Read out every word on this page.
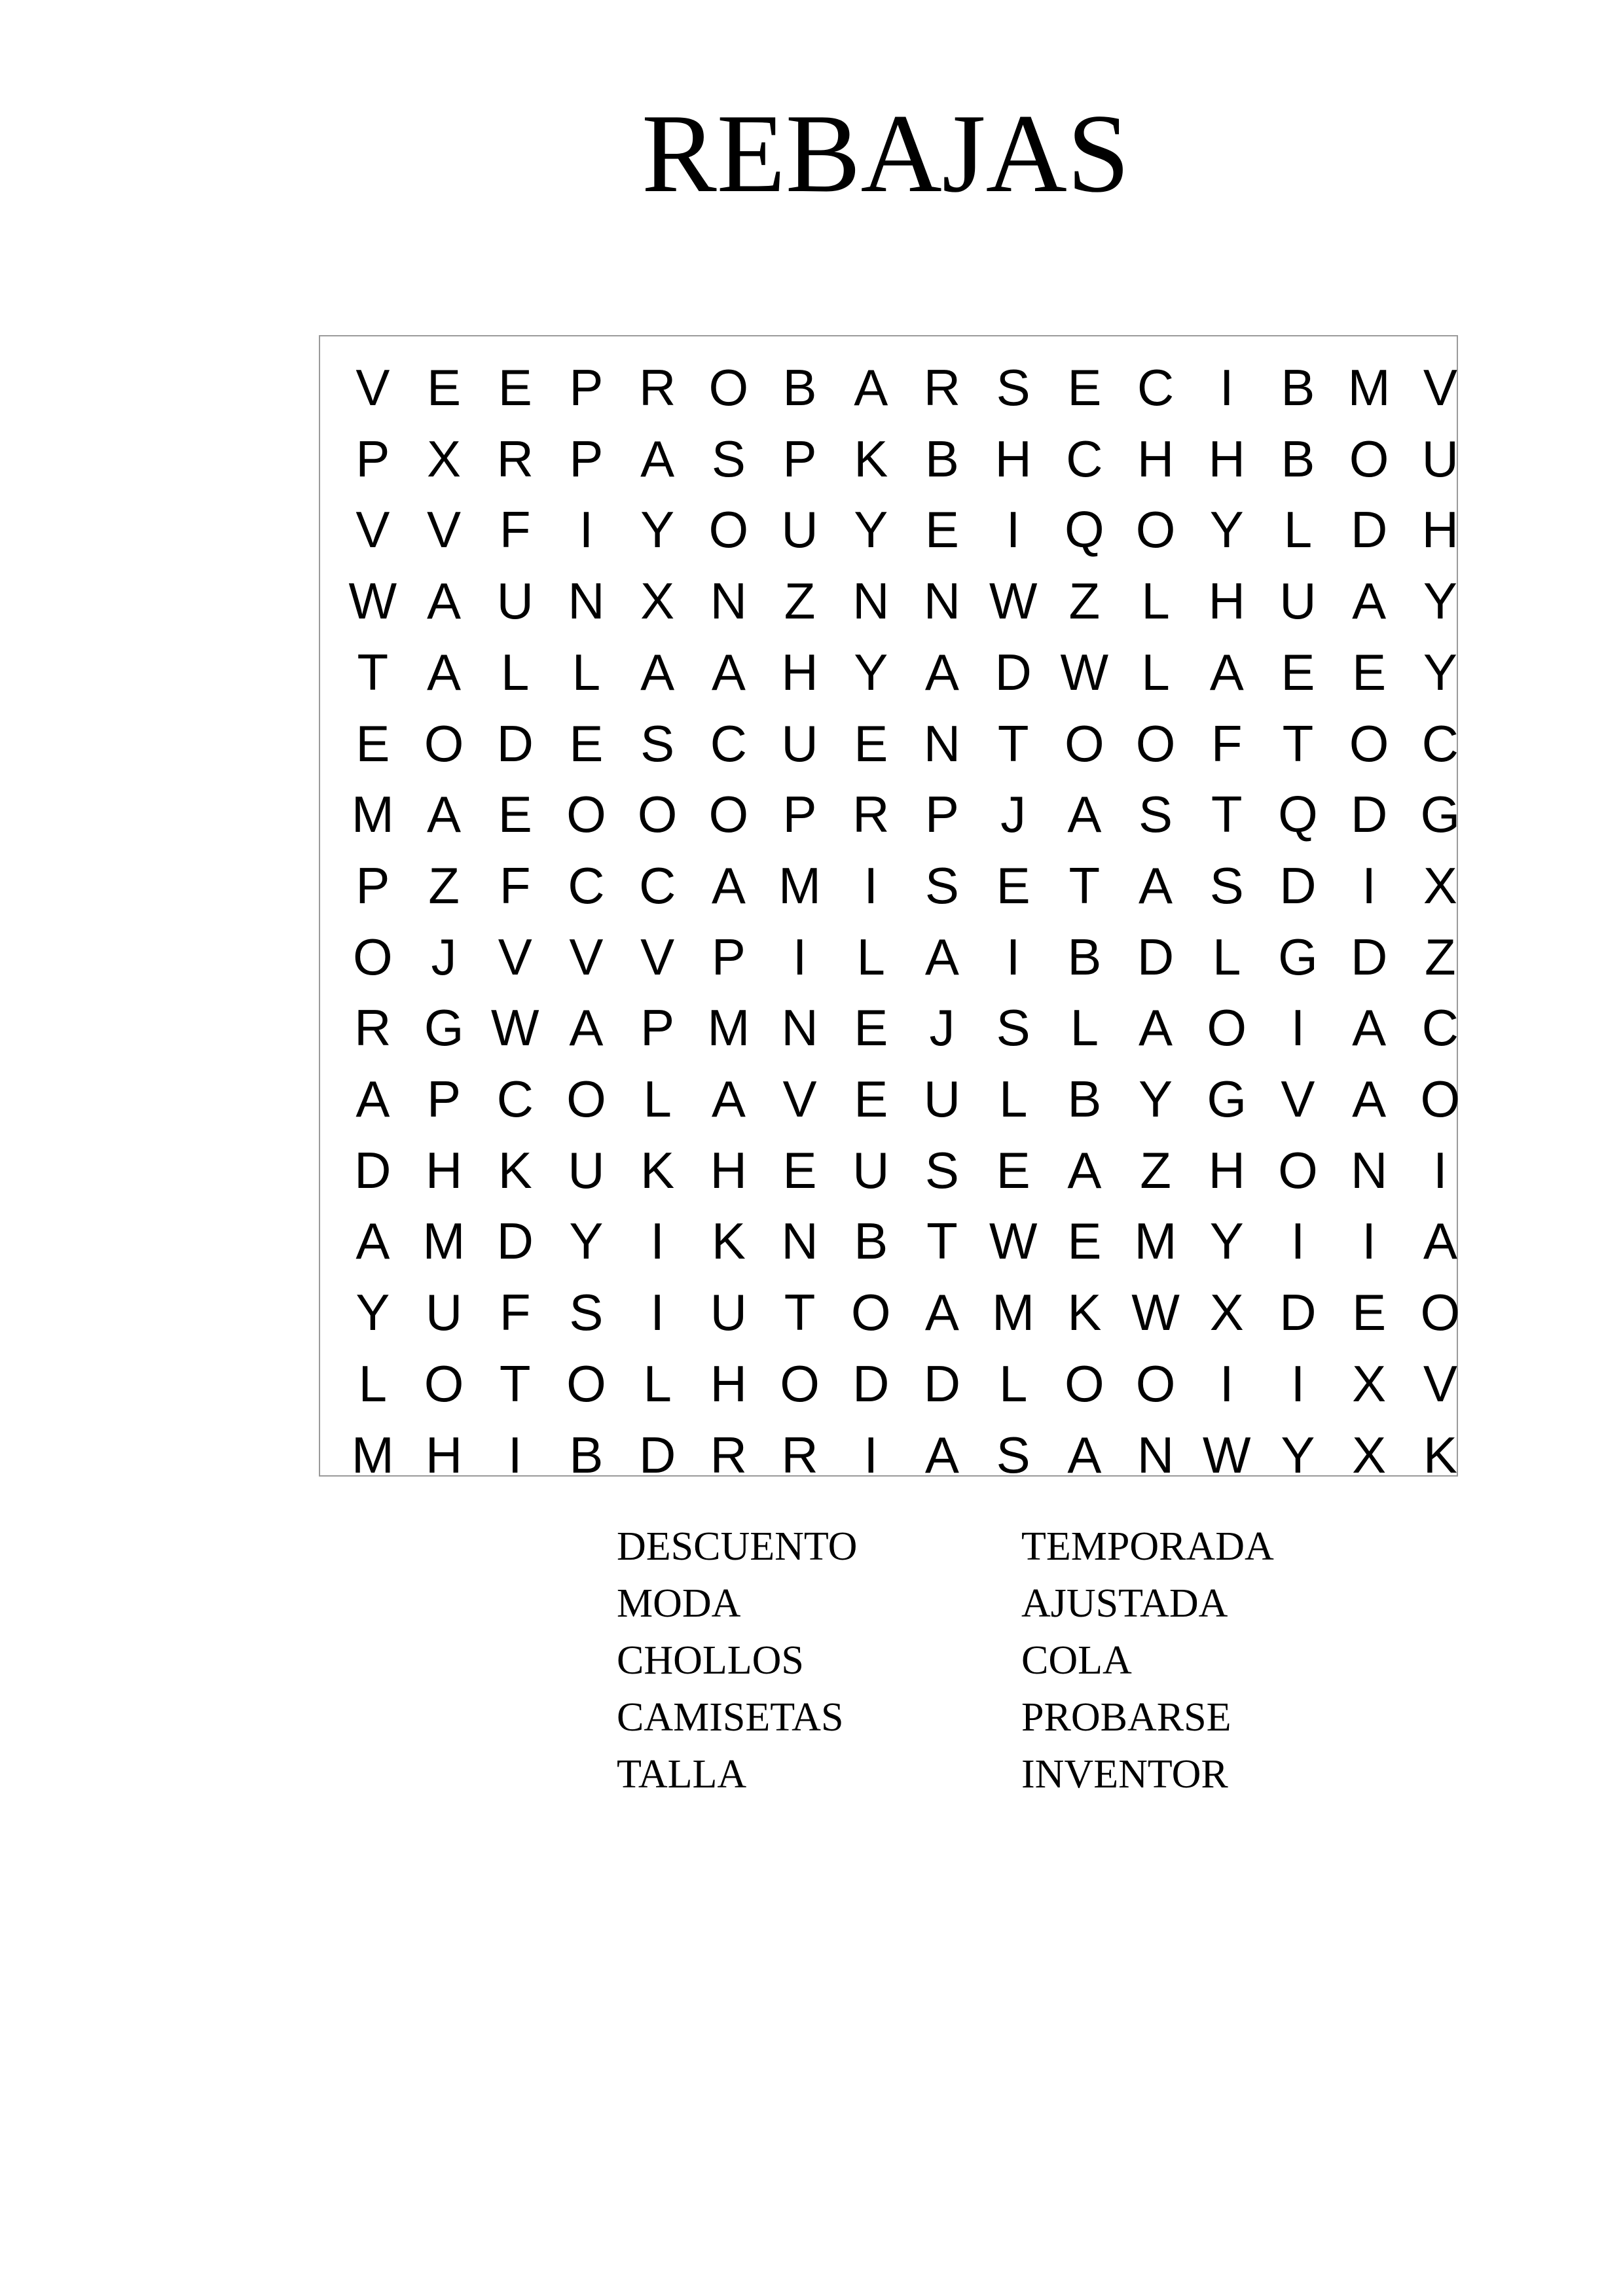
REBAJAS
V E E P R O B A R S E C I B M V
P X R P A S P K B H C H H B O U
V V F I Y O U Y E I Q O Y L D H
W A U N X N Z N N W Z L H U A Y
T A L L A A H Y A D W L A E E Y
E O D E S C U E N T O O F T O C
M A E O O O P R P J A S T Q D G
P Z F C C A M I S E T A S D I X
O J V V V P I L A I B D L G D Z
R G W A P M N E J S L A O I A C
A P C O L A V E U L B Y G V A O
D H K U K H E U S E A Z H O N I
A M D Y I K N B T W E M Y I	I A
Y U F S I U T O A M K W X D E O
L O T O L H O D D L O O I	I X V
M H I B D R R I A S A N W Y X K
DESCUENTO
MODA
CHOLLOS
CAMISETAS
TALLA
TEMPORADA
AJUSTADA
COLA
PROBARSE
INVENTOR
